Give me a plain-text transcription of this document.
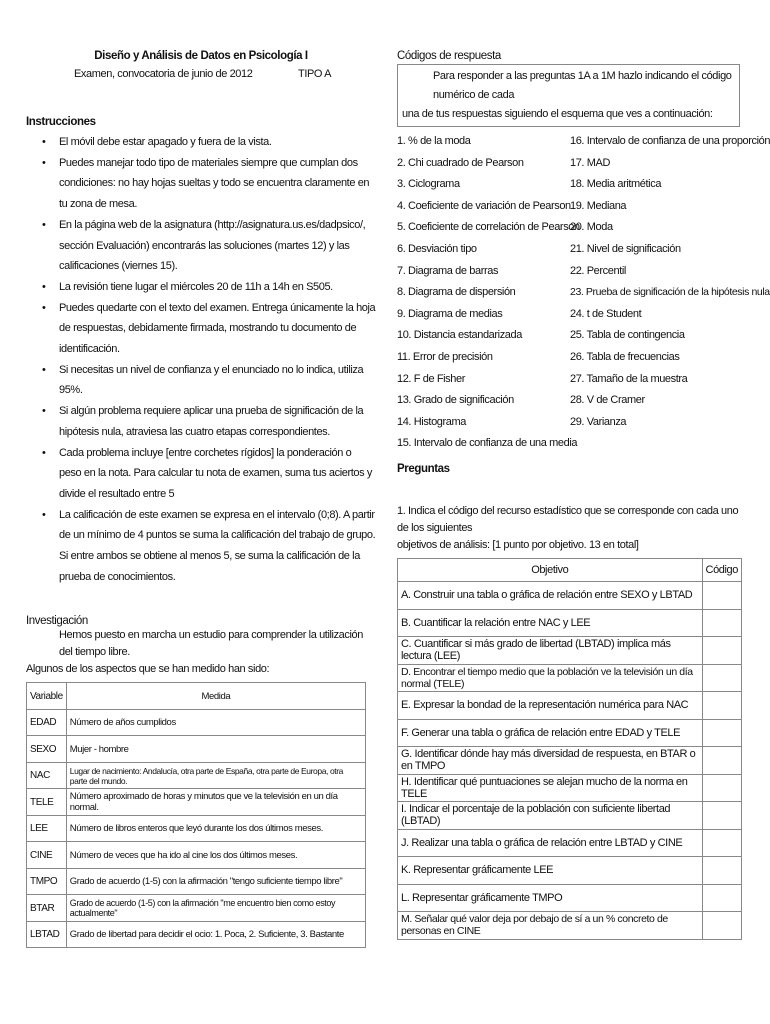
Diseño y Análisis de Datos en Psicología I
Examen, convocatoria de junio de 2012	TIPO A
Instrucciones
• El móvil debe estar apagado y fuera de la vista.
• Puedes manejar todo tipo de materiales siempre que cumplan dos condiciones: no hay hojas sueltas y todo se encuentra claramente en tu zona de mesa.
• En la página web de la asignatura (http://asignatura.us.es/dadpsico/, sección Evaluación) encontrarás las soluciones (martes 12) y las calificaciones (viernes 15).
• La revisión tiene lugar el miércoles 20 de 11h a 14h en S505.
• Puedes quedarte con el texto del examen. Entrega únicamente la hoja de respuestas, debidamente firmada, mostrando tu documento de identificación.
• Si necesitas un nivel de confianza y el enunciado no lo indica, utiliza 95%.
• Si algún problema requiere aplicar una prueba de significación de la hipótesis nula, atraviesa las cuatro etapas correspondientes.
• Cada problema incluye [entre corchetes rígidos] la ponderación o peso en la nota. Para calcular tu nota de examen, suma tus aciertos y divide el resultado entre 5
• La calificación de este examen se expresa en el intervalo (0;8). A partir de un mínimo de 4 puntos se suma la calificación del trabajo de grupo. Si entre ambos se obtiene al menos 5, se suma la calificación de la prueba de conocimientos.
Investigación
Hemos puesto en marcha un estudio para comprender la utilización del tiempo libre.
Algunos de los aspectos que se han medido han sido:
Variable	Medida
EDAD	Número de años cumplidos
SEXO	Mujer - hombre
NAC	Lugar de nacimiento: Andalucía, otra parte de España, otra parte de Europa, otra parte del mundo.
TELE	Número aproximado de horas y minutos que ve la televisión en un día normal.
LEE	Número de libros enteros que leyó durante los dos últimos meses.
CINE	Número de veces que ha ido al cine los dos últimos meses.
TMPO	Grado de acuerdo (1-5) con la afirmación "tengo suficiente tiempo libre"
BTAR	Grado de acuerdo (1-5) con la afirmación "me encuentro bien como estoy actualmente"
LBTAD	Grado de libertad para decidir el ocio: 1. Poca, 2. Suficiente, 3. Bastante
Códigos de respuesta
Para responder a las preguntas 1A a 1M hazlo indicando el código numérico de cada
una de tus respuestas siguiendo el esquema que ves a continuación:
1. % de la moda
2. Chi cuadrado de Pearson
3. Ciclograma
4. Coeficiente de variación de Pearson
5. Coeficiente de correlación de Pearson
6. Desviación tipo
7. Diagrama de barras
8. Diagrama de dispersión
9. Diagrama de medias
10. Distancia estandarizada
11. Error de precisión
12. F de Fisher
13. Grado de significación
14. Histograma
15. Intervalo de confianza de una media
16. Intervalo de confianza de una proporción
17. MAD
18. Media aritmética
19. Mediana
20. Moda
21. Nivel de significación
22. Percentil
23. Prueba de significación de la hipótesis nula
24. t de Student
25. Tabla de contingencia
26. Tabla de frecuencias
27. Tamaño de la muestra
28. V de Cramer
29. Varianza
Preguntas
1. Indica el código del recurso estadístico que se corresponde con cada uno de los siguientes
objetivos de análisis: [1 punto por objetivo. 13 en total]
Objetivo	Código
A. Construir una tabla o gráfica de relación entre SEXO y LBTAD	
B. Cuantificar la relación entre NAC y LEE	
C. Cuantificar si más grado de libertad (LBTAD) implica más lectura (LEE)	
D. Encontrar el tiempo medio que la población ve la televisión un día normal (TELE)	
E. Expresar la bondad de la representación numérica para NAC	
F. Generar una tabla o gráfica de relación entre EDAD y TELE	
G. Identificar dónde hay más diversidad de respuesta, en BTAR o en TMPO	
H. Identificar qué puntuaciones se alejan mucho de la norma en TELE	
I. Indicar el porcentaje de la población con suficiente libertad (LBTAD)	
J. Realizar una tabla o gráfica de relación entre LBTAD y CINE	
K. Representar gráficamente LEE	
L. Representar gráficamente TMPO	
M. Señalar qué valor deja por debajo de sí a un % concreto de personas en CINE	
